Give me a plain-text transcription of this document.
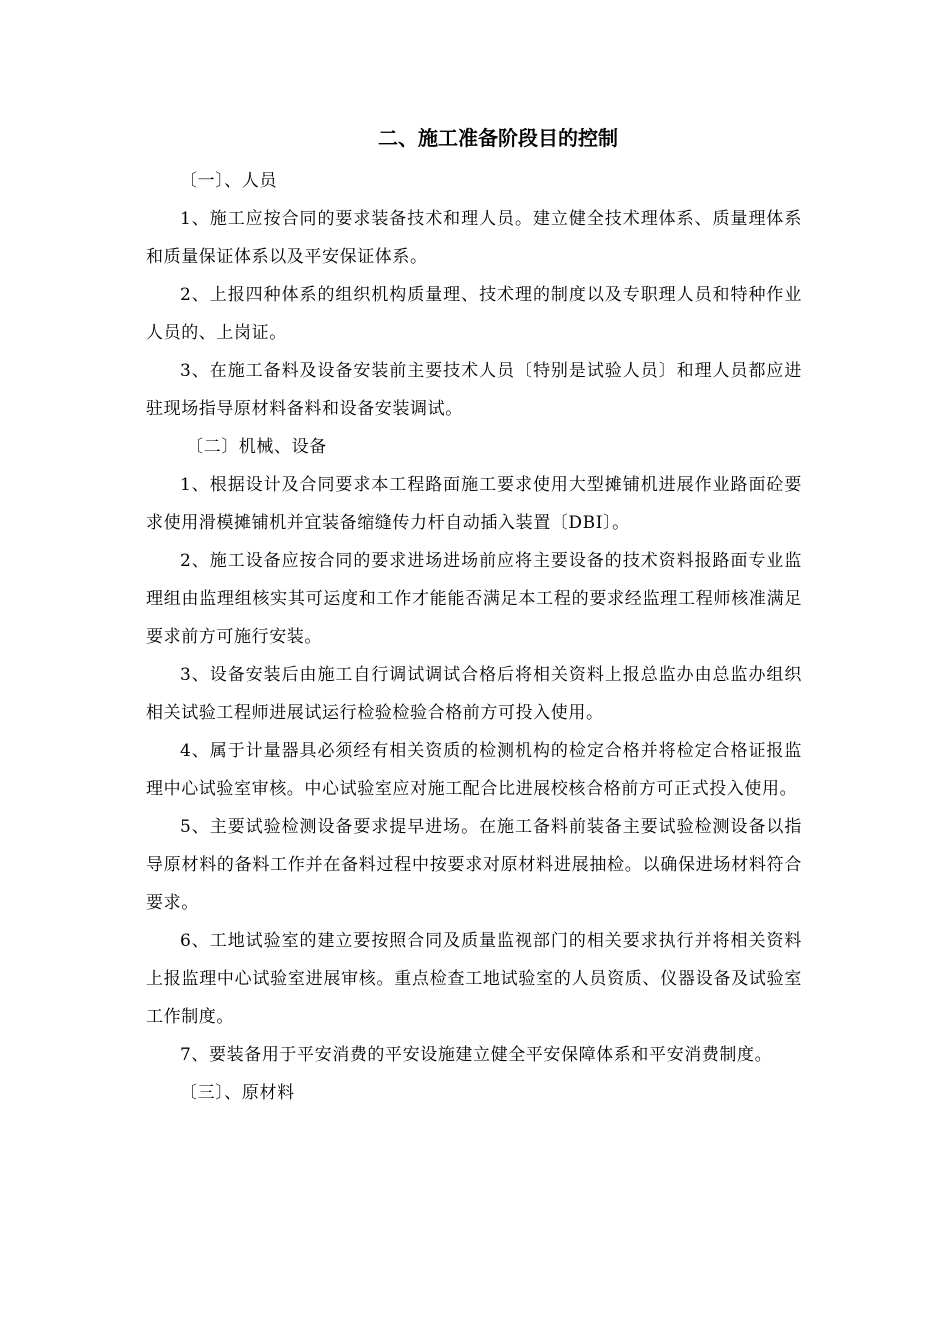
二、施工准备阶段目的控制

〔一〕、人员

1、施工应按合同的要求装备技术和理人员。建立健全技术理体系、质量理体系和质量保证体系以及平安保证体系。

2、上报四种体系的组织机构质量理、技术理的制度以及专职理人员和特种作业人员的、上岗证。

3、在施工备料及设备安装前主要技术人员〔特别是试验人员〕和理人员都应进驻现场指导原材料备料和设备安装调试。

〔二〕机械、设备

1、根据设计及合同要求本工程路面施工要求使用大型摊铺机进展作业路面砼要求使用滑模摊铺机并宜装备缩缝传力杆自动插入装置〔DBI〕。

2、施工设备应按合同的要求进场进场前应将主要设备的技术资料报路面专业监理组由监理组核实其可运度和工作才能能否满足本工程的要求经监理工程师核准满足要求前方可施行安装。

3、设备安装后由施工自行调试调试合格后将相关资料上报总监办由总监办组织相关试验工程师进展试运行检验检验合格前方可投入使用。

4、属于计量器具必须经有相关资质的检测机构的检定合格并将检定合格证报监理中心试验室审核。中心试验室应对施工配合比进展校核合格前方可正式投入使用。

5、主要试验检测设备要求提早进场。在施工备料前装备主要试验检测设备以指导原材料的备料工作并在备料过程中按要求对原材料进展抽检。以确保进场材料符合要求。

6、工地试验室的建立要按照合同及质量监视部门的相关要求执行并将相关资料上报监理中心试验室进展审核。重点检查工地试验室的人员资质、仪器设备及试验室工作制度。

7、要装备用于平安消费的平安设施建立健全平安保障体系和平安消费制度。

〔三〕、原材料
